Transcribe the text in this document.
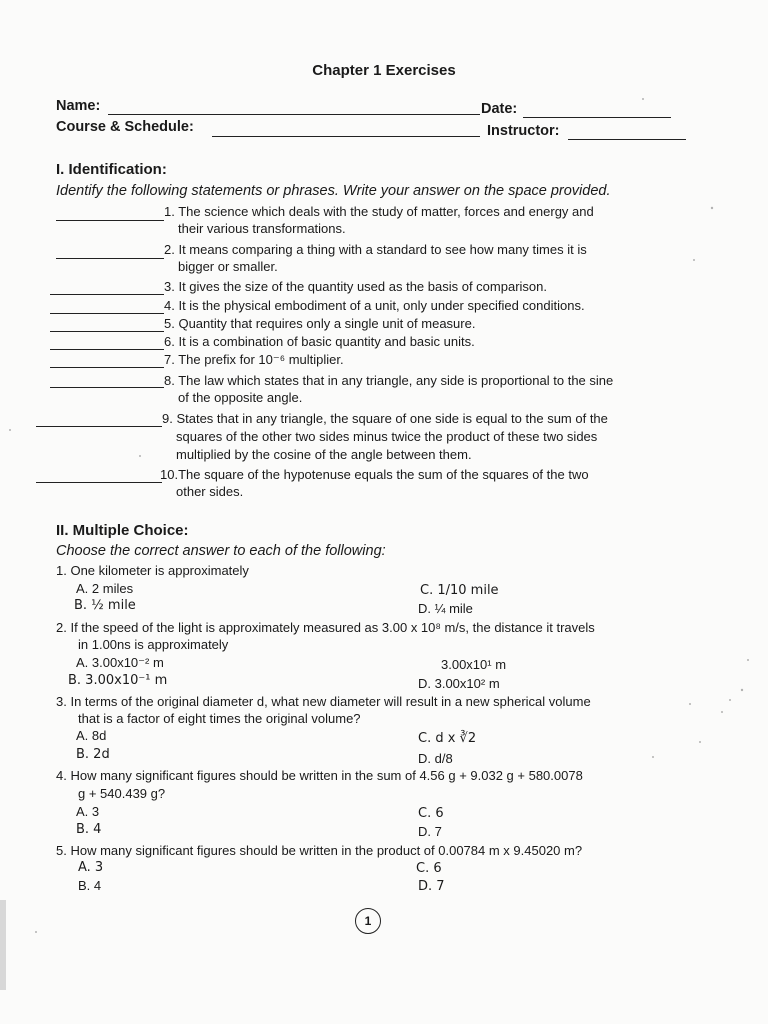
Chapter 1 Exercises
Name:	Date:
Course & Schedule:	Instructor:
I. Identification:
Identify the following statements or phrases. Write your answer on the space provided.
1. The science which deals with the study of matter, forces and energy and
their various transformations.
2. It means comparing a thing with a standard to see how many times it is
bigger or smaller.
3. It gives the size of the quantity used as the basis of comparison.
4. It is the physical embodiment of a unit, only under specified conditions.
5. Quantity that requires only a single unit of measure.
6. It is a combination of basic quantity and basic units.
7. The prefix for 10⁻⁶ multiplier.
8. The law which states that in any triangle, any side is proportional to the sine
of the opposite angle.
9. States that in any triangle, the square of one side is equal to the sum of the
squares of the other two sides minus twice the product of these two sides
multiplied by the cosine of the angle between them.
10.The square of the hypotenuse equals the sum of the squares of the two
other sides.
II. Multiple Choice:
Choose the correct answer to each of the following:
1. One kilometer is approximately
A. 2 miles
B. ½ mile
C. 1/10 mile
D. ¼ mile
2. If the speed of the light is approximately measured as 3.00 x 10⁸ m/s, the distance it travels
in 1.00ns is approximately
A. 3.00x10⁻² m
B. 3.00x10⁻¹ m
3.00x10¹ m
D. 3.00x10² m
3. In terms of the original diameter d, what new diameter will result in a new spherical volume
that is a factor of eight times the original volume?
A. 8d
B. 2d
C. d x ∛2
D. d/8
4. How many significant figures should be written in the sum of 4.56 g + 9.032 g + 580.0078
g + 540.439 g?
A. 3
B. 4
C. 6
D. 7
5. How many significant figures should be written in the product of 0.00784 m x 9.45020 m?
A. 3
B. 4
C. 6
D. 7
1
